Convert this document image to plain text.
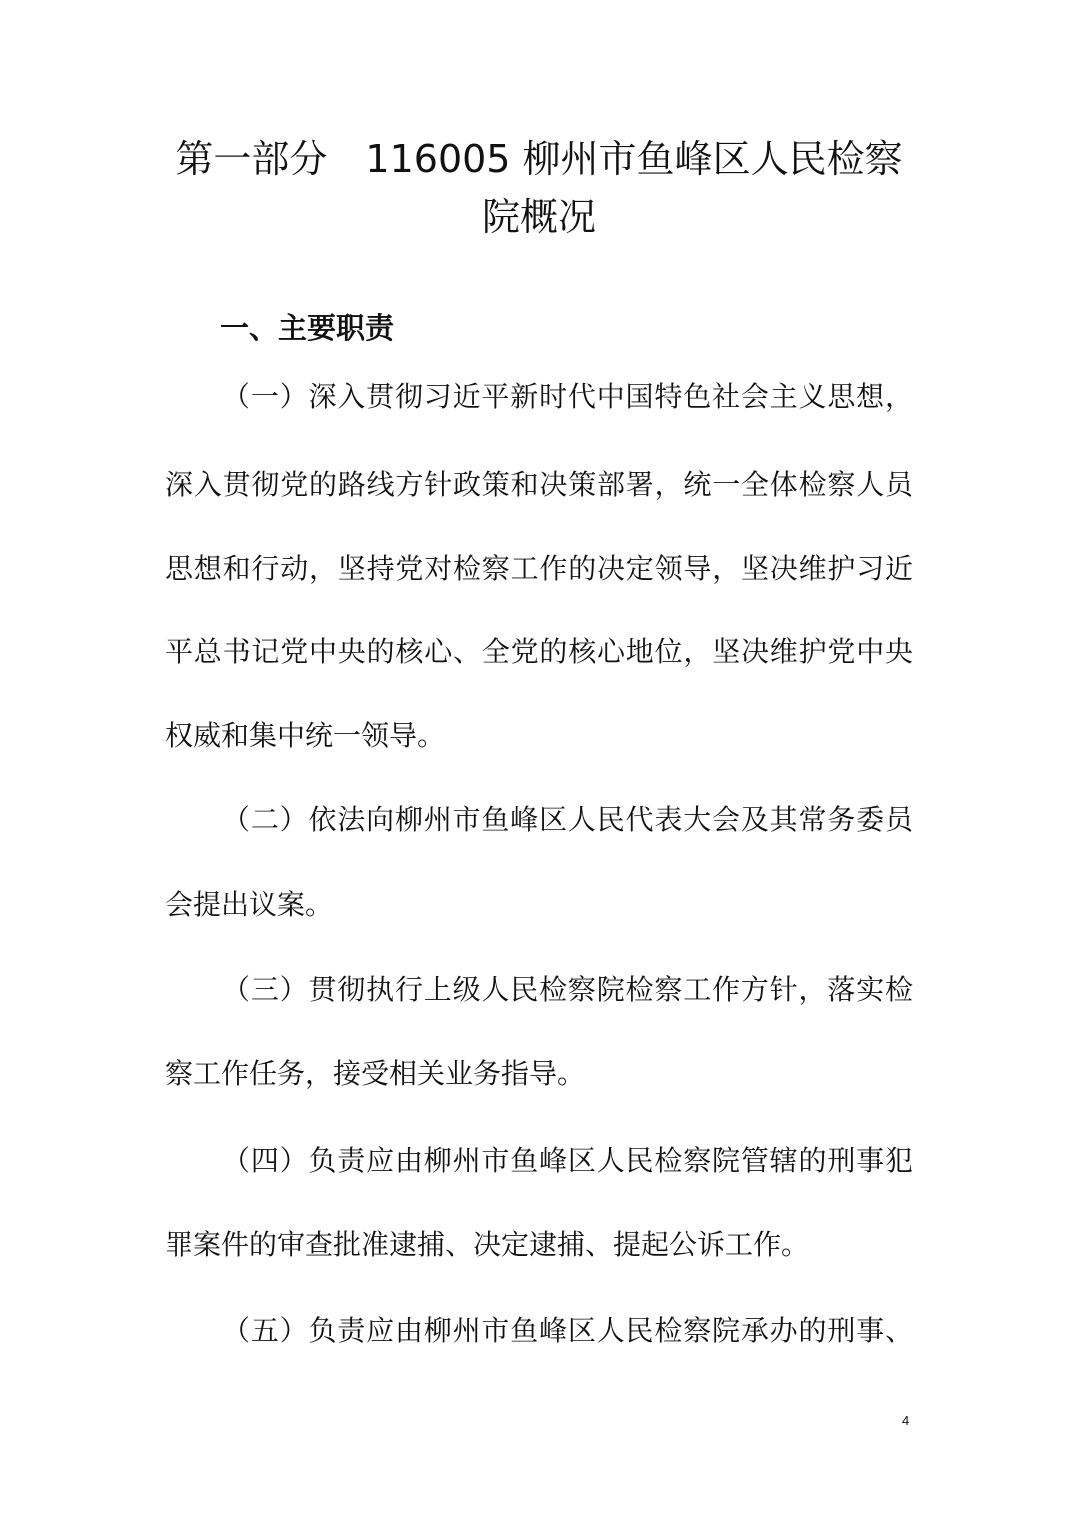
第一部分　116005 柳州市鱼峰区人民检察院概况
一、主要职责

（一）深入贯彻习近平新时代中国特色社会主义思想，

深入贯彻党的路线方针政策和决策部署，统一全体检察人员

思想和行动，坚持党对检察工作的决定领导，坚决维护习近

平总书记党中央的核心、全党的核心地位，坚决维护党中央

权威和集中统一领导。

（二）依法向柳州市鱼峰区人民代表大会及其常务委员

会提出议案。

（三）贯彻执行上级人民检察院检察工作方针，落实检

察工作任务，接受相关业务指导。

（四）负责应由柳州市鱼峰区人民检察院管辖的刑事犯

罪案件的审查批准逮捕、决定逮捕、提起公诉工作。

（五）负责应由柳州市鱼峰区人民检察院承办的刑事、

4
